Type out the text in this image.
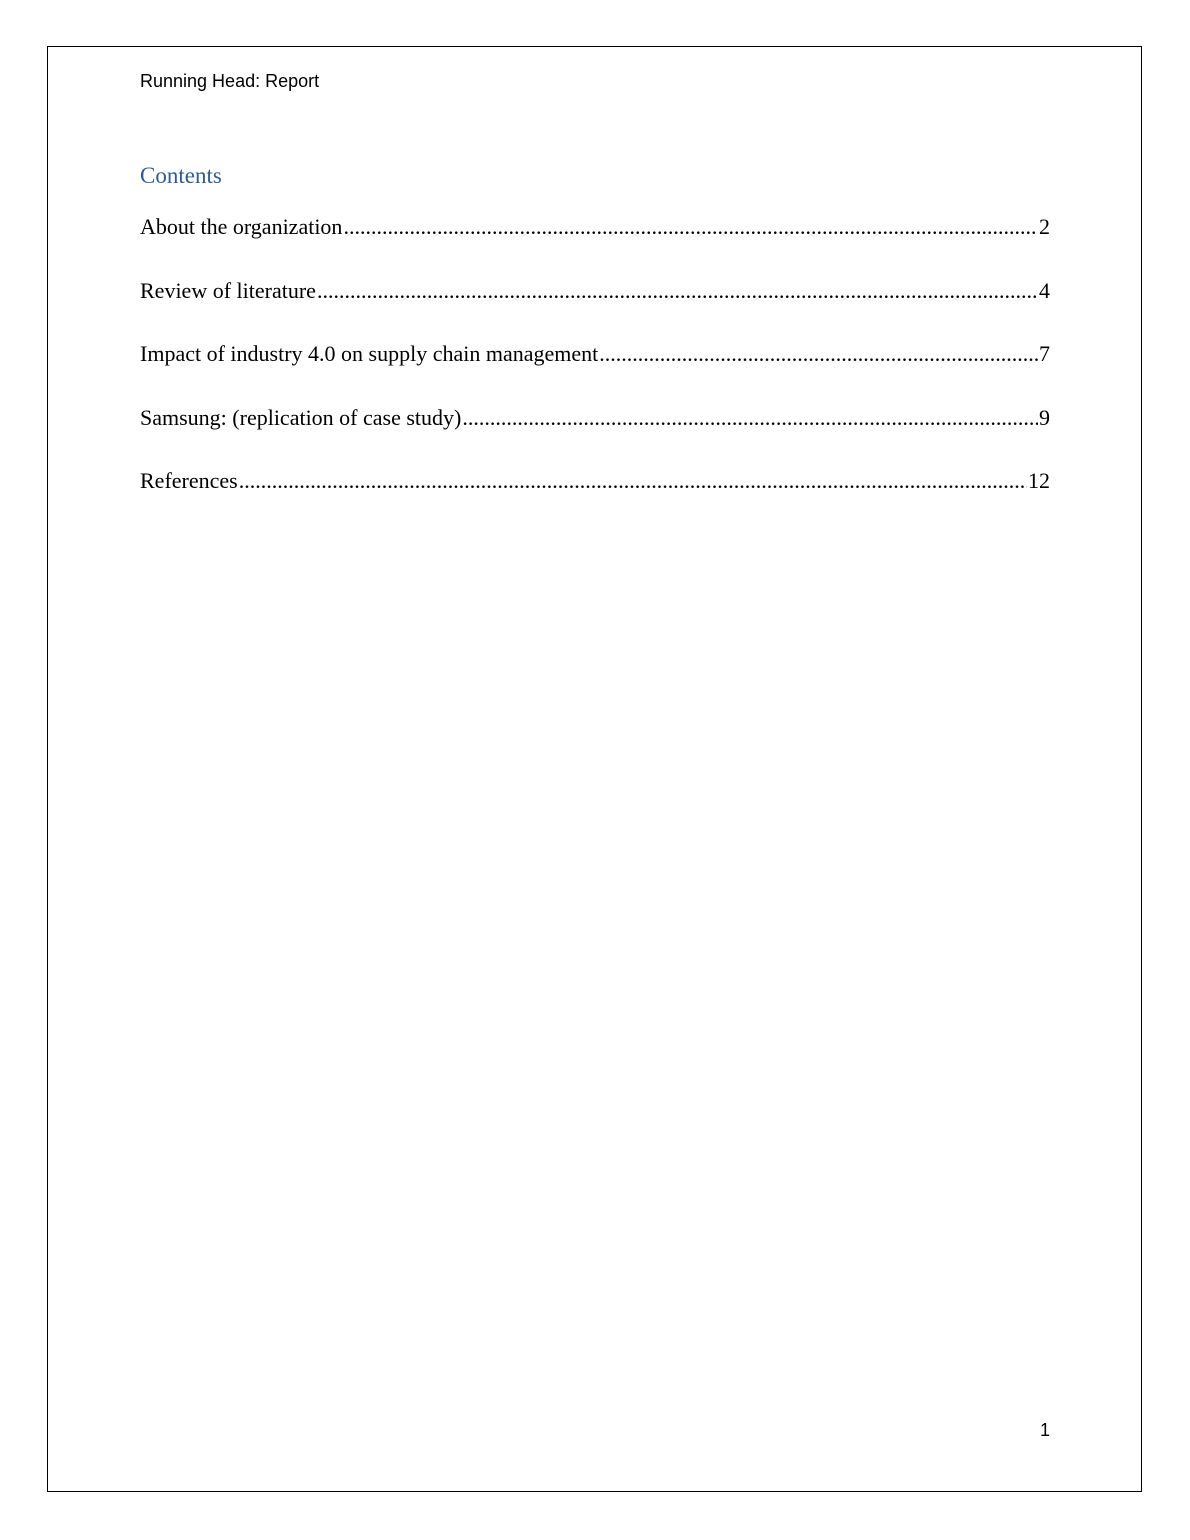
Running Head: Report
Contents
About the organization .....	2
Review of literature .....	4
Impact of industry 4.0 on supply chain management .....	7
Samsung: (replication of case study) .....	9
References .....	12
1
